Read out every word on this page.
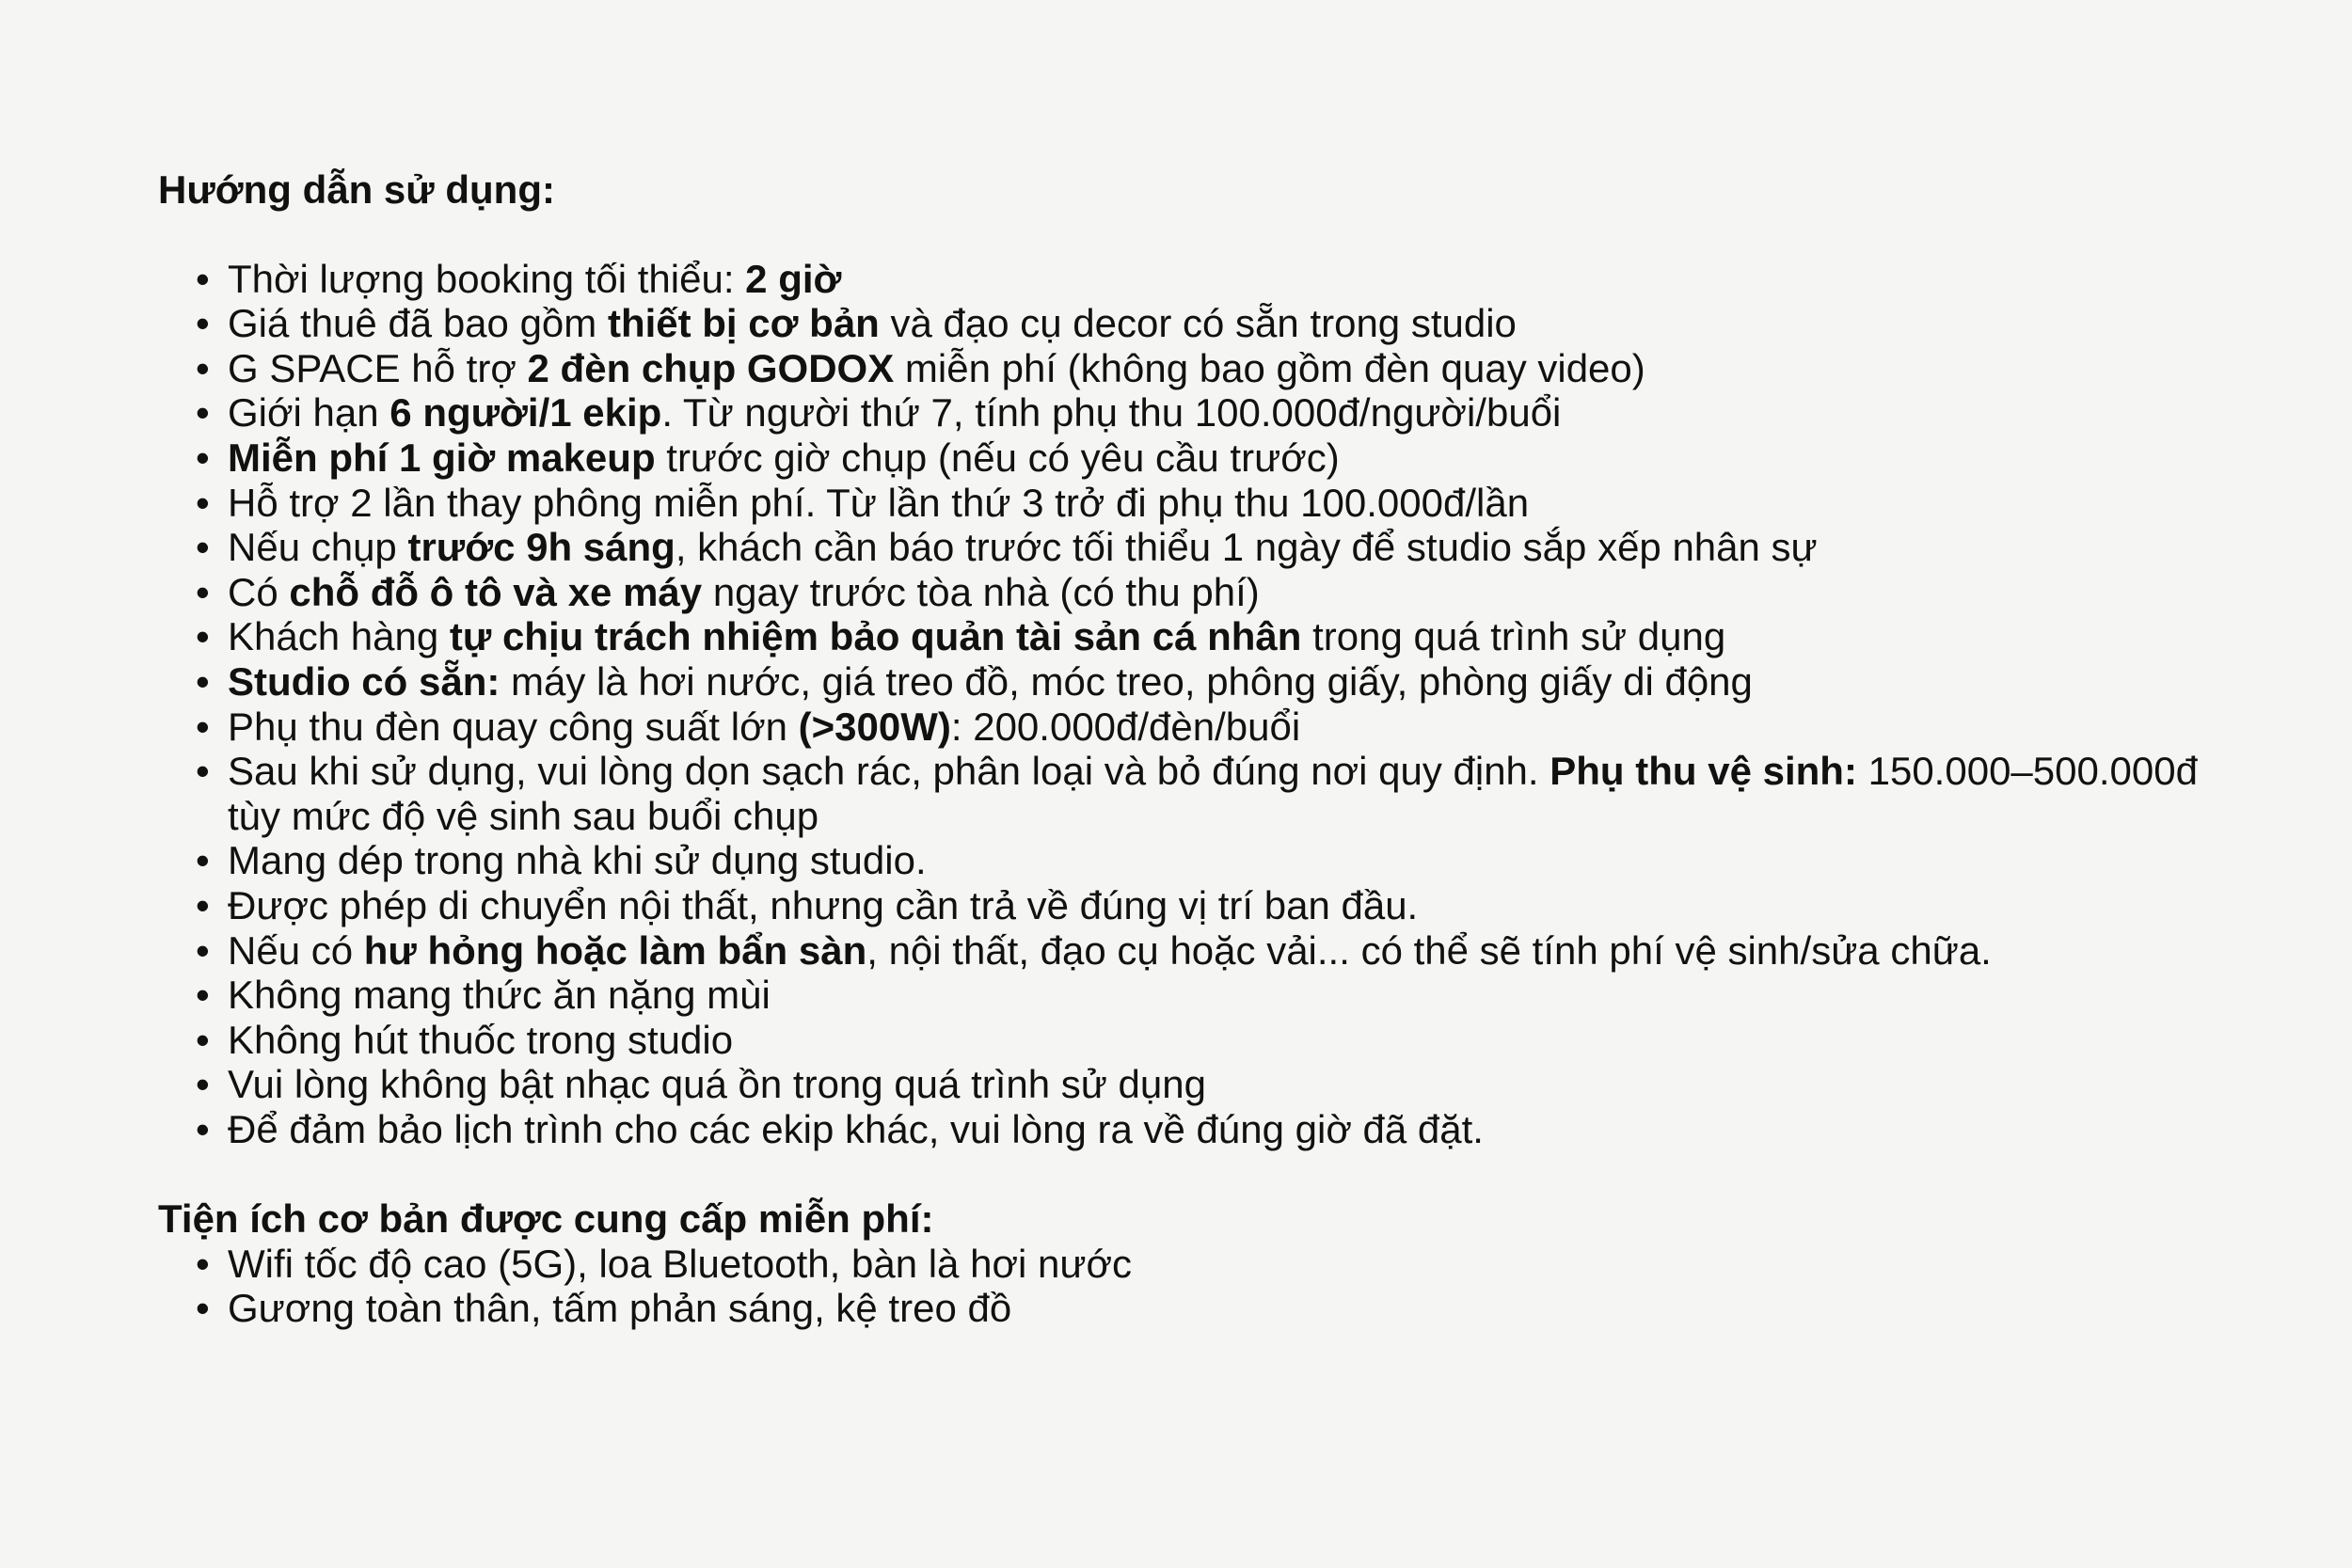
Hướng dẫn sử dụng:

• Thời lượng booking tối thiểu: 2 giờ
• Giá thuê đã bao gồm thiết bị cơ bản và đạo cụ decor có sẵn trong studio
• G SPACE hỗ trợ 2 đèn chụp GODOX miễn phí (không bao gồm đèn quay video)
• Giới hạn 6 người/1 ekip. Từ người thứ 7, tính phụ thu 100.000đ/người/buổi
• Miễn phí 1 giờ makeup trước giờ chụp (nếu có yêu cầu trước)
• Hỗ trợ 2 lần thay phông miễn phí. Từ lần thứ 3 trở đi phụ thu 100.000đ/lần
• Nếu chụp trước 9h sáng, khách cần báo trước tối thiểu 1 ngày để studio sắp xếp nhân sự
• Có chỗ đỗ ô tô và xe máy ngay trước tòa nhà (có thu phí)
• Khách hàng tự chịu trách nhiệm bảo quản tài sản cá nhân trong quá trình sử dụng
• Studio có sẵn: máy là hơi nước, giá treo đồ, móc treo, phông giấy, phòng giấy di động
• Phụ thu đèn quay công suất lớn (>300W): 200.000đ/đèn/buổi
• Sau khi sử dụng, vui lòng dọn sạch rác, phân loại và bỏ đúng nơi quy định. Phụ thu vệ sinh: 150.000–500.000đ tùy mức độ vệ sinh sau buổi chụp
• Mang dép trong nhà khi sử dụng studio.
• Được phép di chuyển nội thất, nhưng cần trả về đúng vị trí ban đầu.
• Nếu có hư hỏng hoặc làm bẩn sàn, nội thất, đạo cụ hoặc vải... có thể sẽ tính phí vệ sinh/sửa chữa.
• Không mang thức ăn nặng mùi
• Không hút thuốc trong studio
• Vui lòng không bật nhạc quá ồn trong quá trình sử dụng
• Để đảm bảo lịch trình cho các ekip khác, vui lòng ra về đúng giờ đã đặt.

Tiện ích cơ bản được cung cấp miễn phí:

• Wifi tốc độ cao (5G), loa Bluetooth, bàn là hơi nước
• Gương toàn thân, tấm phản sáng, kệ treo đồ
